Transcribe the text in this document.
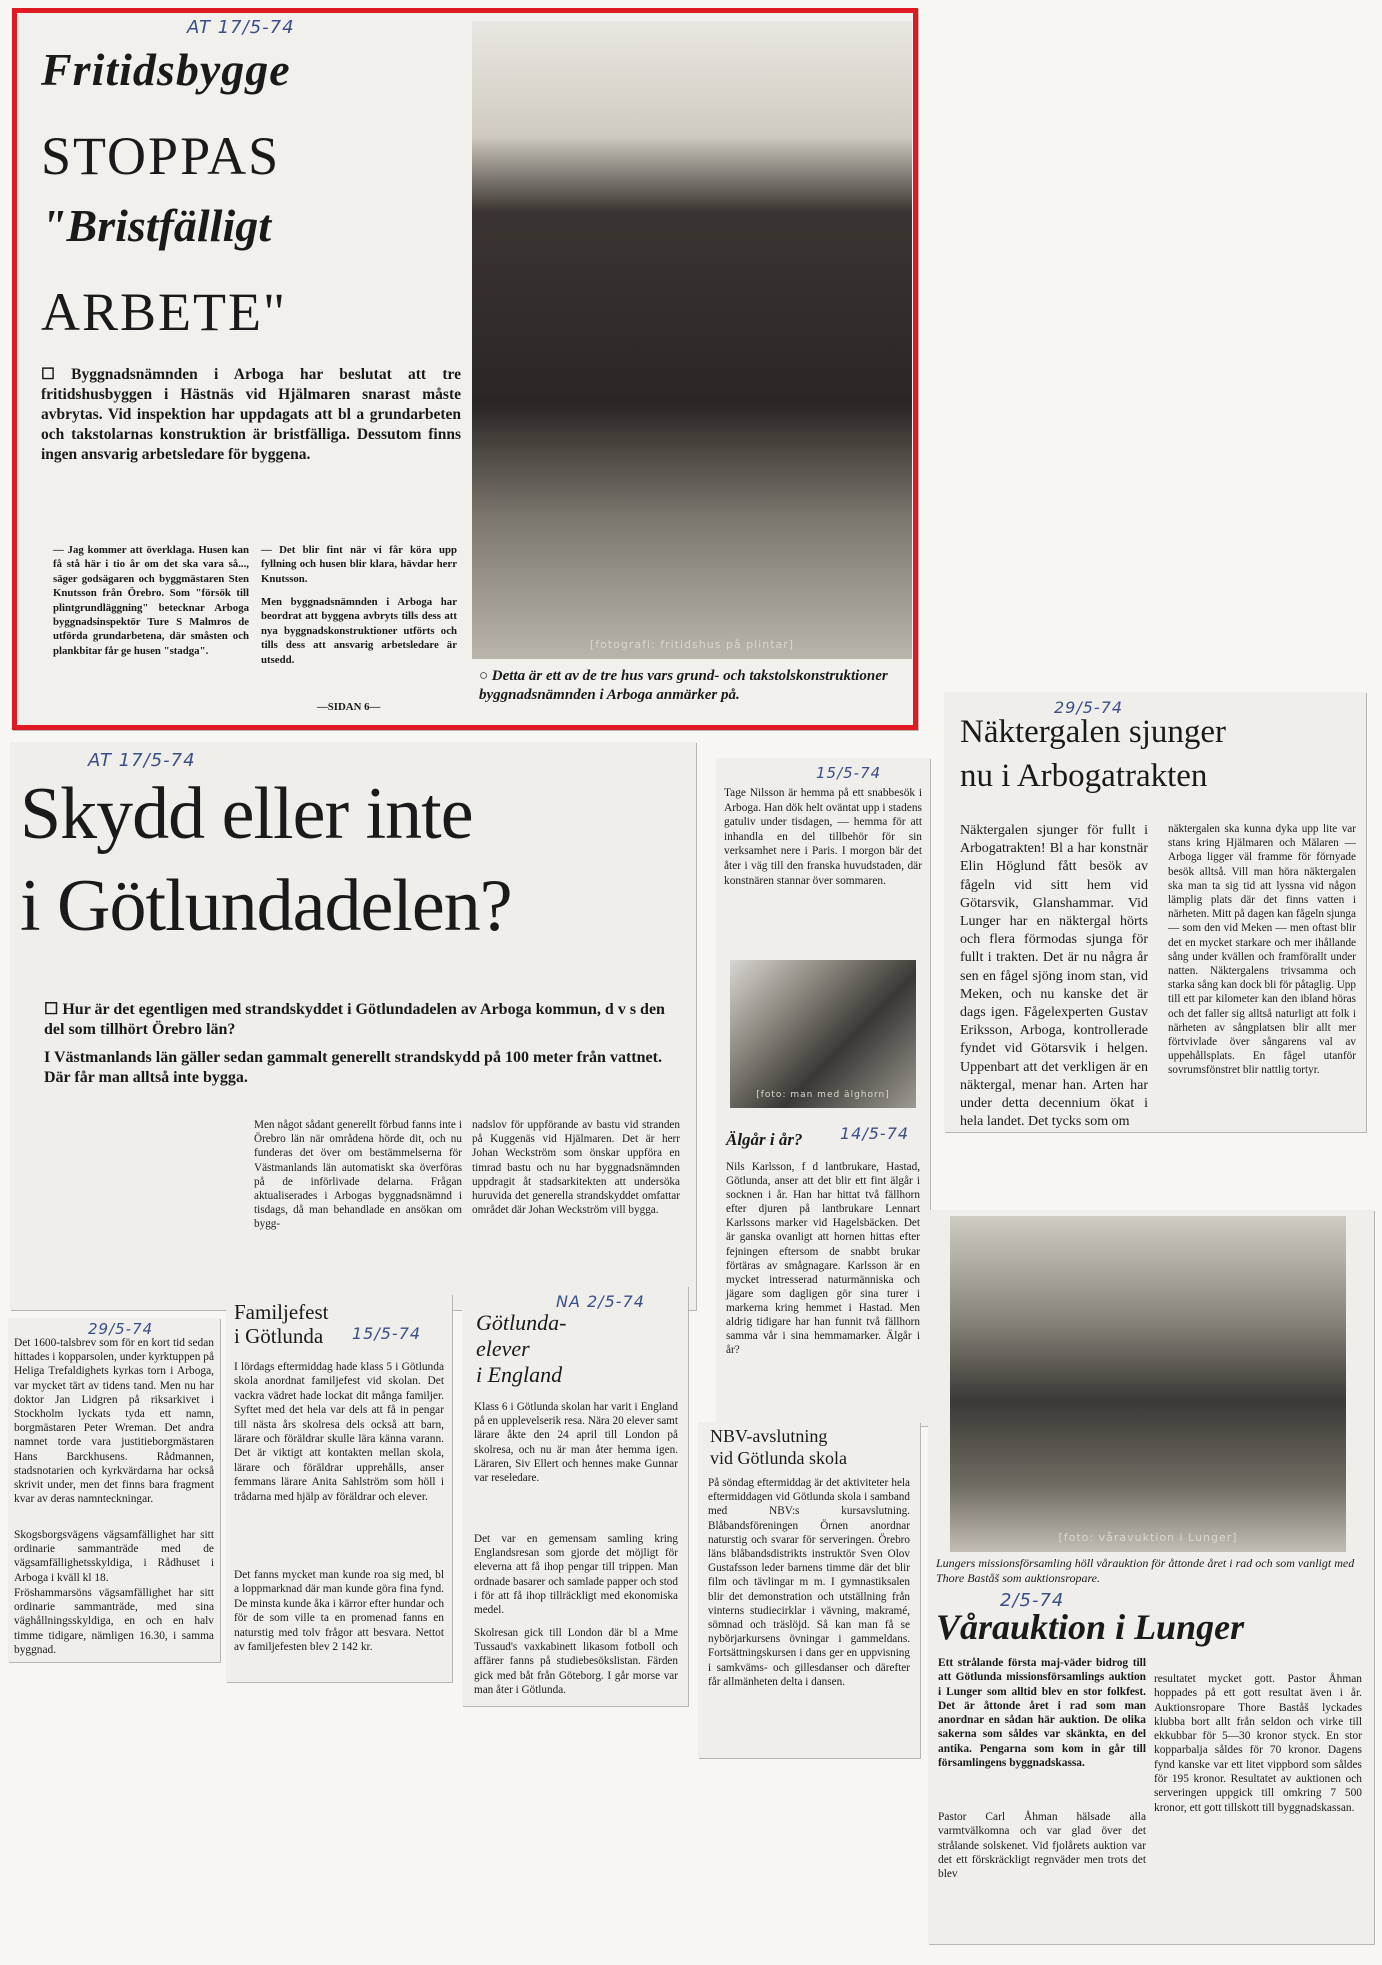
AT 17/5-74
Fritidsbygge
STOPPAS
"Bristfälligt
ARBETE"
☐ Byggnadsnämnden i Arboga har beslutat att tre fritidshusbyggen i Hästnäs vid Hjälmaren snarast måste avbrytas. Vid inspektion har uppdagats att bl a grundarbeten och takstolarnas konstruktion är bristfälliga. Dessutom finns ingen ansvarig arbetsledare för byggena.
— Jag kommer att överklaga. Husen kan få stå här i tio år om det ska vara så..., säger godsägaren och byggmästaren Sten Knutsson från Örebro. Som "försök till plintgrundläggning" betecknar Arboga byggnadsinspektör Ture S Malmros de utförda grundarbetena, där småsten och plankbitar får ge husen "stadga".
— Det blir fint när vi får köra upp fyllning och husen blir klara, hävdar herr Knutsson.
Men byggnadsnämnden i Arboga har beordrat att byggena avbryts tills dess att nya byggnadskonstruktioner utförts och tills dess att ansvarig arbetsledare är utsedd.
—SIDAN 6—
[fotografi: fritidshus på plintar]
○ Detta är ett av de tre hus vars grund- och takstolskonstruktioner byggnadsnämnden i Arboga anmärker på.
AT 17/5-74
Skydd eller inte
i Götlundadelen?
☐ Hur är det egentligen med strandskyddet i Götlundadelen av Arboga kommun, d v s den del som tillhört Örebro län?
I Västmanlands län gäller sedan gammalt generellt strandskydd på 100 meter från vattnet. Där får man alltså inte bygga.
Men något sådant generellt förbud fanns inte i Örebro län när områdena hörde dit, och nu funderas det över om bestämmelserna för Västmanlands län automatiskt ska överföras på de införlivade delarna. Frågan aktualiserades i Arbogas byggnadsnämnd i tisdags, då man behandlade en ansökan om bygg-
nadslov för uppförande av bastu vid stranden på Kuggenäs vid Hjälmaren. Det är herr Johan Weckström som önskar uppföra en timrad bastu och nu har byggnadsnämnden uppdragit åt stadsarkitekten att undersöka huruvida det generella strandskyddet omfattar området där Johan Weckström vill bygga.
15/5-74
Tage Nilsson är hemma på ett snabbesök i Arboga. Han dök helt oväntat upp i stadens gatuliv under tisdagen, — hemma för att inhandla en del tillbehör för sin verksamhet nere i Paris. I morgon bär det åter i väg till den franska huvudstaden, där konstnären stannar över sommaren.
[foto: man med älghorn]
Älgår i år? 14/5-74
Nils Karlsson, f d lantbrukare, Hastad, Götlunda, anser att det blir ett fint älgår i socknen i år. Han har hittat två fällhorn efter djuren på lantbrukare Lennart Karlssons marker vid Hagelsbäcken. Det är ganska ovanligt att hornen hittas efter fejningen eftersom de snabbt brukar förtäras av smågnagare. Karlsson är en mycket intresserad naturmänniska och jägare som dagligen gör sina turer i markerna kring hemmet i Hastad. Men aldrig tidigare har han funnit två fällhorn samma vår i sina hemmamarker. Älgår i år?
29/5-74
Näktergalen sjunger
nu i Arbogatrakten
Näktergalen sjunger för fullt i Arbogatrakten! Bl a har konstnär Elin Höglund fått besök av fågeln vid sitt hem vid Götarsvik, Glanshammar. Vid Lunger har en näktergal hörts och flera förmodas sjunga för fullt i trakten. Det är nu några år sen en fågel sjöng inom stan, vid Meken, och nu kanske det är dags igen. Fågelexperten Gustav Eriksson, Arboga, kontrollerade fyndet vid Götarsvik i helgen. Uppenbart att det verkligen är en näktergal, menar han. Arten har under detta decennium ökat i hela landet. Det tycks som om
näktergalen ska kunna dyka upp lite var stans kring Hjälmaren och Mälaren — Arboga ligger väl framme för förnyade besök alltså. Vill man höra näktergalen ska man ta sig tid att lyssna vid någon lämplig plats där det finns vatten i närheten. Mitt på dagen kan fågeln sjunga — som den vid Meken — men oftast blir det en mycket starkare och mer ihållande sång under kvällen och framförallt under natten. Näktergalens trivsamma och starka sång kan dock bli för påtaglig. Upp till ett par kilometer kan den ibland höras och det faller sig alltså naturligt att folk i närheten av sångplatsen blir allt mer förtvivlade över sångarens val av uppehållsplats. En fågel utanför sovrumsfönstret blir nattlig tortyr.
29/5-74
Det 1600-talsbrev som för en kort tid sedan hittades i kopparsolen, under kyrktuppen på Heliga Trefaldighets kyrkas torn i Arboga, var mycket tärt av tidens tand. Men nu har doktor Jan Lidgren på riksarkivet i Stockholm lyckats tyda ett namn, borgmästaren Peter Wreman. Det andra namnet torde vara justitieborgmästaren Hans Barckhusens. Rådmannen, stadsnotarien och kyrkvärdarna har också skrivit under, men det finns bara fragment kvar av deras namnteckningar.
Skogsborgsvägens vägsamfällighet har sitt ordinarie sammanträde med de vägsamfällighetsskyldiga, i Rådhuset i Arboga i kväll kl 18.
Fröshammarsöns vägsamfällighet har sitt ordinarie sammanträde, med sina väghållningsskyldiga, en och en halv timme tidigare, nämligen 16.30, i samma byggnad.
Familjefest
i Götlunda 15/5-74
I lördags eftermiddag hade klass 5 i Götlunda skola anordnat familjefest vid skolan. Det vackra vädret hade lockat dit många familjer. Syftet med det hela var dels att få in pengar till nästa års skolresa dels också att barn, lärare och föräldrar skulle lära känna varann. Det är viktigt att kontakten mellan skola, lärare och föräldrar upprehålls, anser femmans lärare Anita Sahlström som höll i trådarna med hjälp av föräldrar och elever.
Det fanns mycket man kunde roa sig med, bl a loppmarknad där man kunde göra fina fynd. De minsta kunde åka i kärror efter hundar och för de som ville ta en promenad fanns en naturstig med tolv frågor att besvara. Nettot av familjefesten blev 2 142 kr.
NA 2/5-74
Götlunda-
elever
i England
Klass 6 i Götlunda skolan har varit i England på en upplevelserik resa. Nära 20 elever samt lärare åkte den 24 april till London på skolresa, och nu är man åter hemma igen. Läraren, Siv Ellert och hennes make Gunnar var reseledare.
Det var en gemensam samling kring Englandsresan som gjorde det möjligt för eleverna att få ihop pengar till trippen. Man ordnade basarer och samlade papper och stod i för att få ihop tillräckligt med ekonomiska medel.
Skolresan gick till London där bl a Mme Tussaud's vaxkabinett likasom fotboll och affärer fanns på studiebesökslistan. Färden gick med båt från Göteborg. I går morse var man åter i Götlunda.
NBV-avslutning
vid Götlunda skola
På söndag eftermiddag är det aktiviteter hela eftermiddagen vid Götlunda skola i samband med NBV:s kursavslutning. Blåbandsföreningen Örnen anordnar naturstig och svarar för serveringen. Örebro läns blåbandsdistrikts instruktör Sven Olov Gustafsson leder barnens timme där det blir film och tävlingar m m. I gymnastiksalen blir det demonstration och utställning från vinterns studiecirklar i vävning, makramé, sömnad och träslöjd. Så kan man få se nybörjarkursens övningar i gammeldans. Fortsättningskursen i dans ger en uppvisning i samkväms- och gillesdanser och därefter får allmänheten delta i dansen.
[foto: våravuktion i Lunger]
Lungers missionsförsamling höll vårauktion för åttonde året i rad och som vanligt med Thore Baståš som auktionsropare.
2/5-74
Vårauktion i Lunger
Ett strålande första maj-väder bidrog till att Götlunda missionsförsamlings auktion i Lunger som alltid blev en stor folkfest. Det är åttonde året i rad som man anordnar en sådan här auktion. De olika sakerna som såldes var skänkta, en del antika. Pengarna som kom in går till församlingens byggnadskassa.
Pastor Carl Åhman hälsade alla varmtvälkomna och var glad över det strålande solskenet. Vid fjolårets auktion var det ett förskräckligt regnväder men trots det blev
resultatet mycket gott. Pastor Åhman hoppades på ett gott resultat även i år. Auktionsropare Thore Baståš lyckades klubba bort allt från seldon och virke till ekkubbar för 5—30 kronor styck. En stor kopparbalja såldes för 70 kronor. Dagens fynd kanske var ett litet vippbord som såldes för 195 kronor. Resultatet av auktionen och serveringen uppgick till omkring 7 500 kronor, ett gott tillskott till byggnadskassan.
